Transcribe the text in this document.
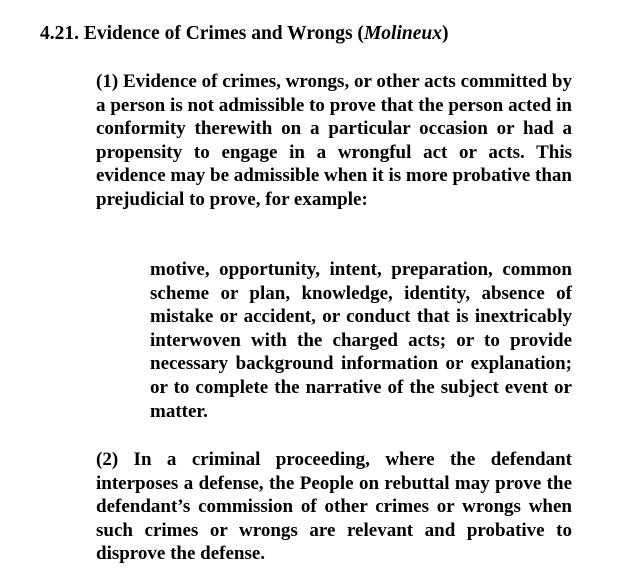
4.21. Evidence of Crimes and Wrongs (Molineux)
(1) Evidence of crimes, wrongs, or other acts committed by a person is not admissible to prove that the person acted in conformity therewith on a particular occasion or had a propensity to engage in a wrongful act or acts. This evidence may be admissible when it is more probative than prejudicial to prove, for example:
motive, opportunity, intent, preparation, common scheme or plan, knowledge, identity, absence of mistake or accident, or conduct that is inextricably interwoven with the charged acts; or to provide necessary background information or explanation; or to complete the narrative of the subject event or matter.
(2) In a criminal proceeding, where the defendant interposes a defense, the People on rebuttal may prove the defendant’s commission of other crimes or wrongs when such crimes or wrongs are relevant and probative to disprove the defense.
